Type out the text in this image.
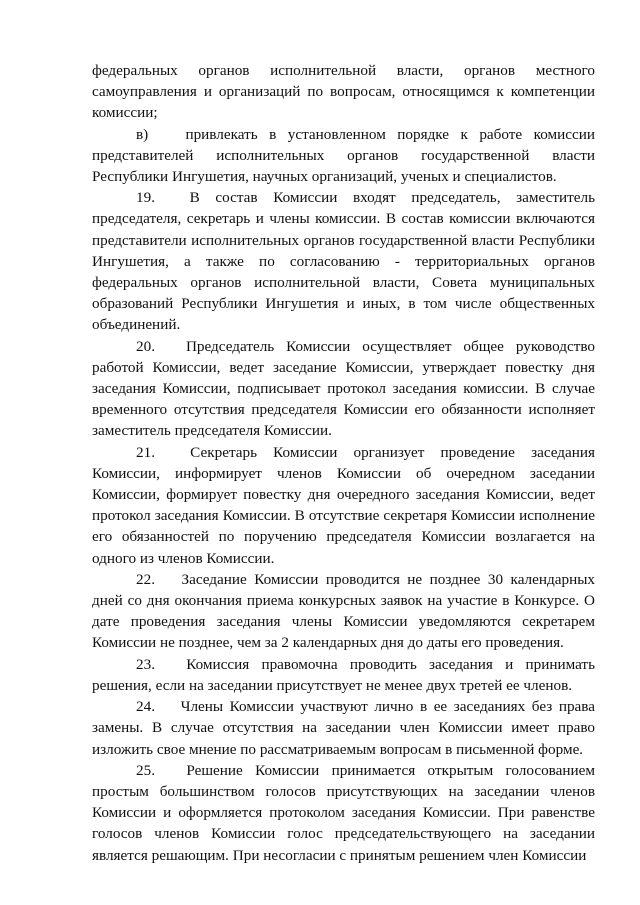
федеральных органов исполнительной власти, органов местного самоуправления и организаций по вопросам, относящимся к компетенции комиссии;

в) привлекать в установленном порядке к работе комиссии представителей исполнительных органов государственной власти Республики Ингушетия, научных организаций, ученых и специалистов.

19. В состав Комиссии входят председатель, заместитель председателя, секретарь и члены комиссии. В состав комиссии включаются представители исполнительных органов государственной власти Республики Ингушетия, а также по согласованию - территориальных органов федеральных органов исполнительной власти, Совета муниципальных образований Республики Ингушетия и иных, в том числе общественных объединений.

20. Председатель Комиссии осуществляет общее руководство работой Комиссии, ведет заседание Комиссии, утверждает повестку дня заседания Комиссии, подписывает протокол заседания комиссии. В случае временного отсутствия председателя Комиссии его обязанности исполняет заместитель председателя Комиссии.

21. Секретарь Комиссии организует проведение заседания Комиссии, информирует членов Комиссии об очередном заседании Комиссии, формирует повестку дня очередного заседания Комиссии, ведет протокол заседания Комиссии. В отсутствие секретаря Комиссии исполнение его обязанностей по поручению председателя Комиссии возлагается на одного из членов Комиссии.

22. Заседание Комиссии проводится не позднее 30 календарных дней со дня окончания приема конкурсных заявок на участие в Конкурсе. О дате проведения заседания члены Комиссии уведомляются секретарем Комиссии не позднее, чем за 2 календарных дня до даты его проведения.

23. Комиссия правомочна проводить заседания и принимать решения, если на заседании присутствует не менее двух третей ее членов.

24. Члены Комиссии участвуют лично в ее заседаниях без права замены. В случае отсутствия на заседании член Комиссии имеет право изложить свое мнение по рассматриваемым вопросам в письменной форме.

25. Решение Комиссии принимается открытым голосованием простым большинством голосов присутствующих на заседании членов Комиссии и оформляется протоколом заседания Комиссии. При равенстве голосов членов Комиссии голос председательствующего на заседании является решающим. При несогласии с принятым решением член Комиссии
